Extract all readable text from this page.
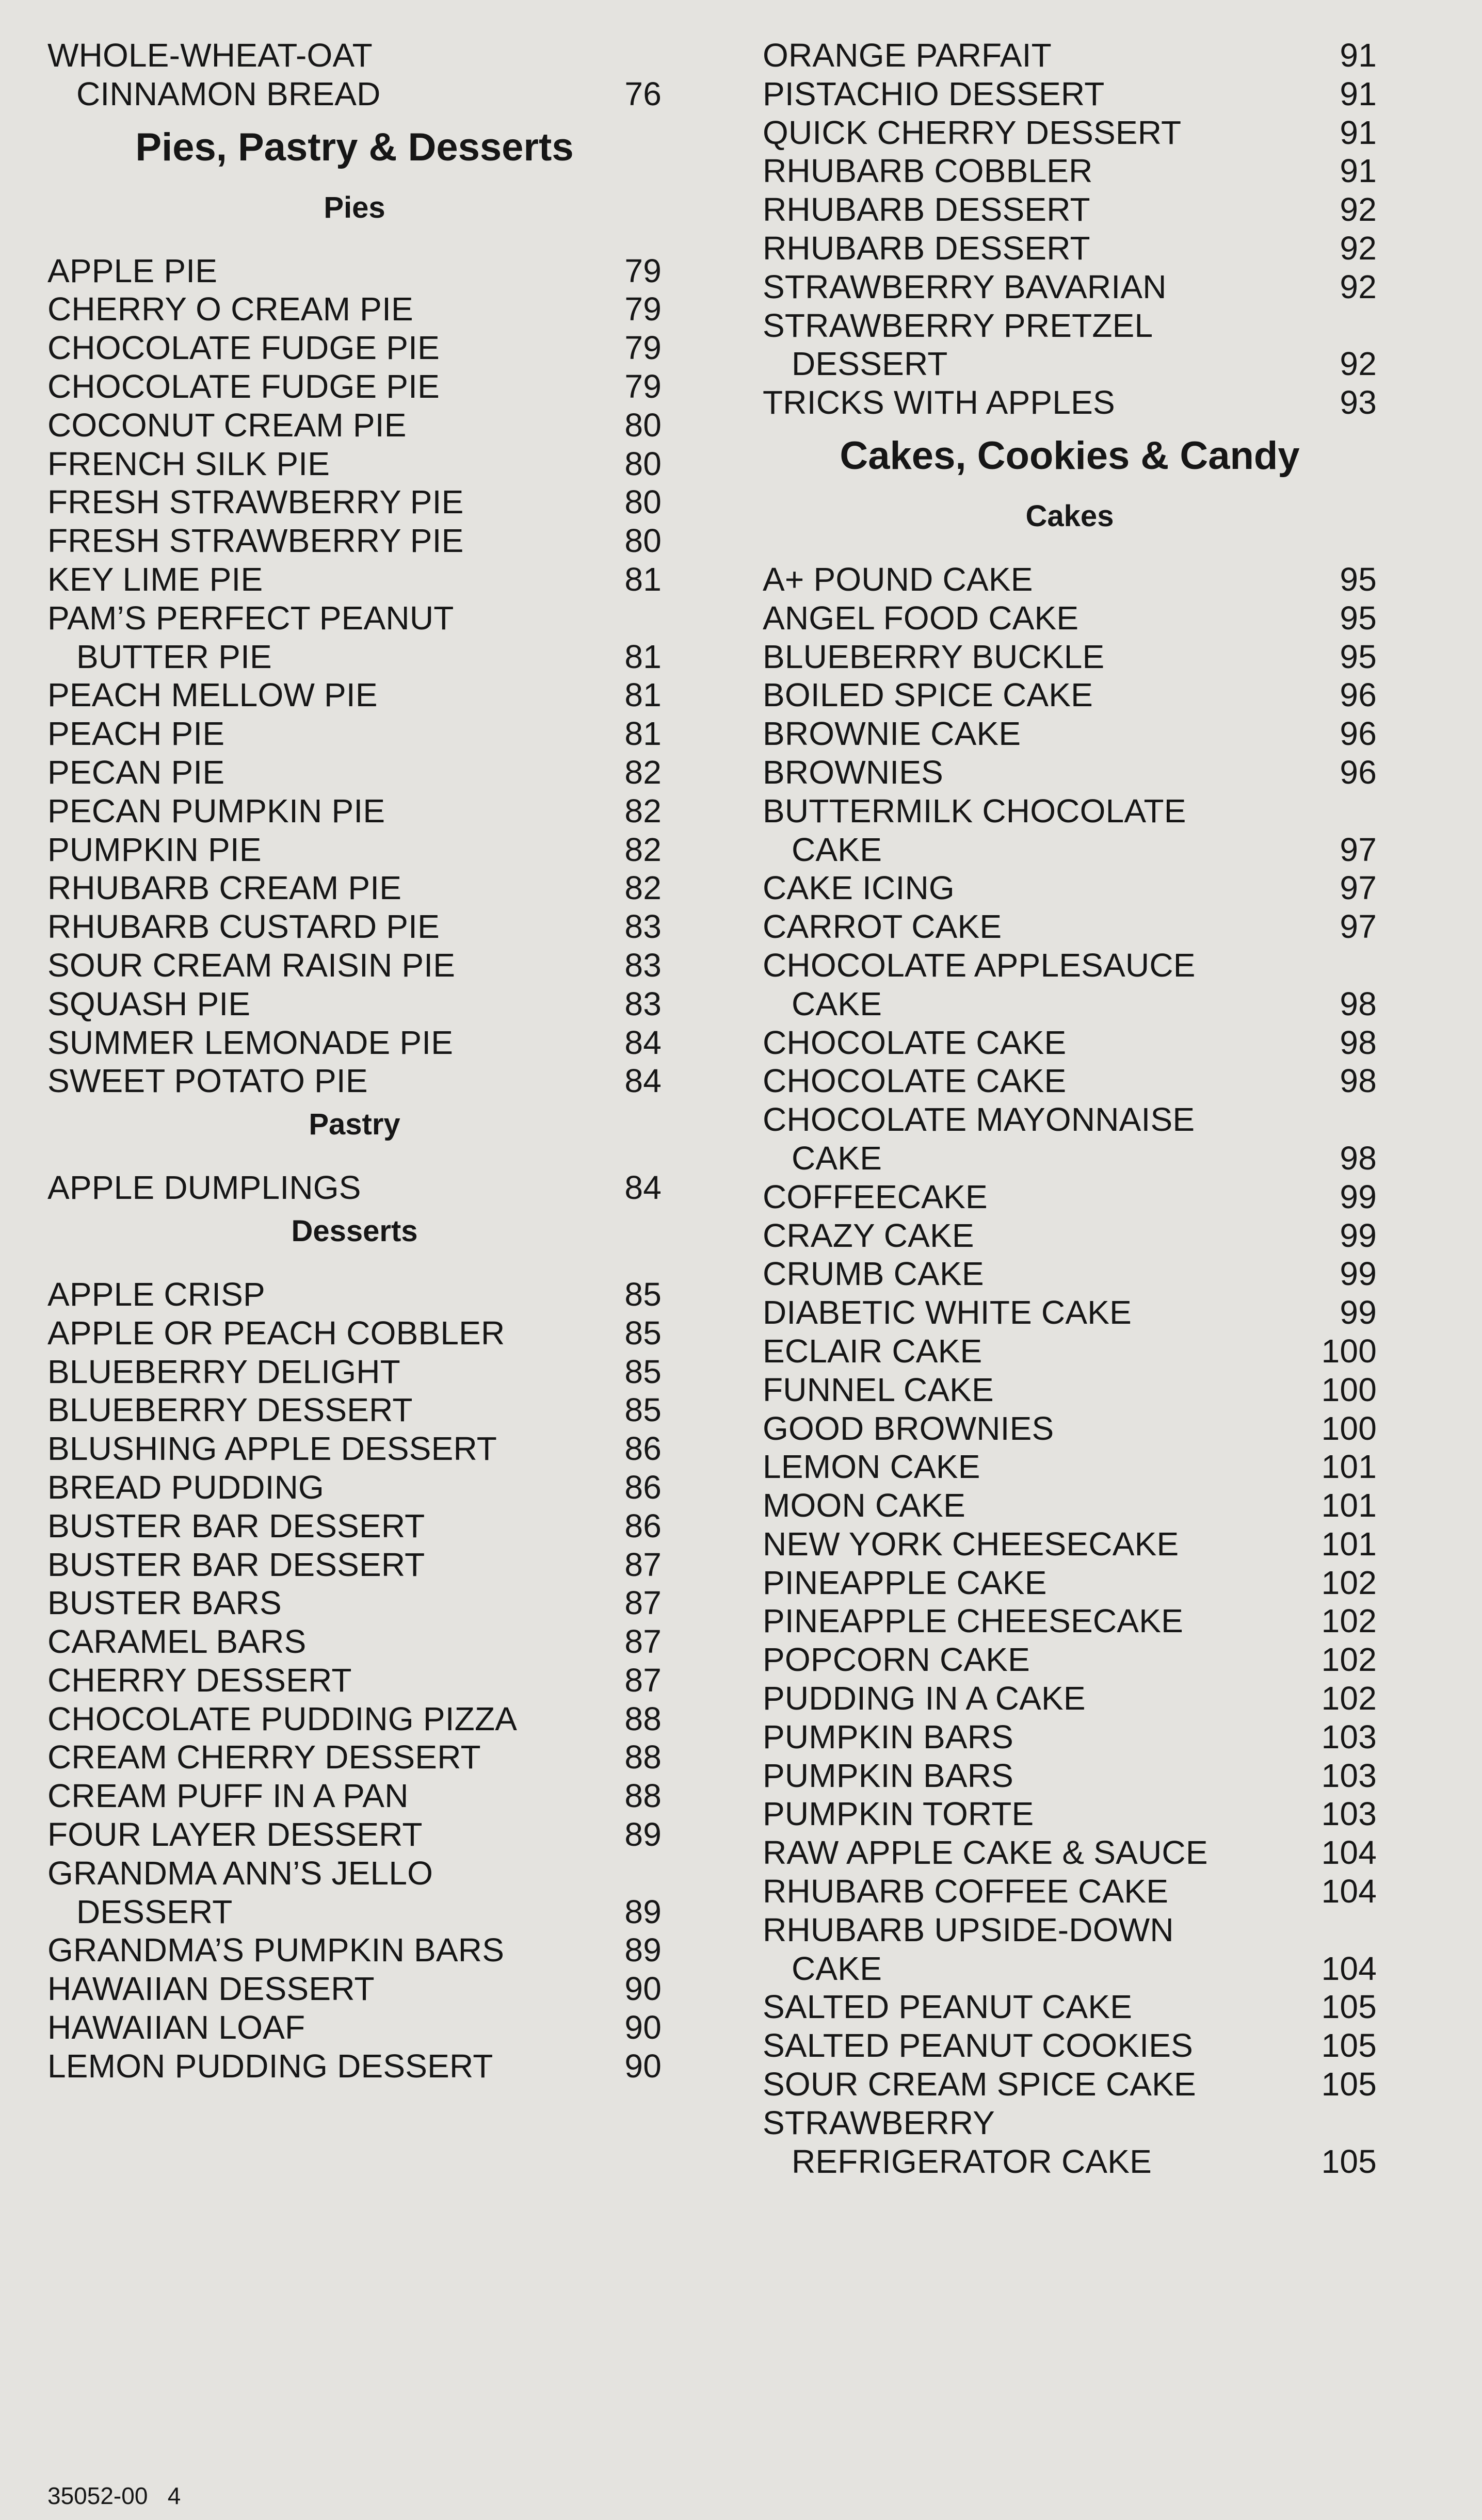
WHOLE-WHEAT-OAT
CINNAMON BREAD	76
Pies, Pastry & Desserts
Pies
APPLE PIE	79
CHERRY O CREAM PIE	79
CHOCOLATE FUDGE PIE	79
CHOCOLATE FUDGE PIE	79
COCONUT CREAM PIE	80
FRENCH SILK PIE	80
FRESH STRAWBERRY PIE	80
FRESH STRAWBERRY PIE	80
KEY LIME PIE	81
PAM’S PERFECT PEANUT
BUTTER PIE	81
PEACH MELLOW PIE	81
PEACH PIE	81
PECAN PIE	82
PECAN PUMPKIN PIE	82
PUMPKIN PIE	82
RHUBARB CREAM PIE	82
RHUBARB CUSTARD PIE	83
SOUR CREAM RAISIN PIE	83
SQUASH PIE	83
SUMMER LEMONADE PIE	84
SWEET POTATO PIE	84
Pastry
APPLE DUMPLINGS	84
Desserts
APPLE CRISP	85
APPLE OR PEACH COBBLER	85
BLUEBERRY DELIGHT	85
BLUEBERRY DESSERT	85
BLUSHING APPLE DESSERT	86
BREAD PUDDING	86
BUSTER BAR DESSERT	86
BUSTER BAR DESSERT	87
BUSTER BARS	87
CARAMEL BARS	87
CHERRY DESSERT	87
CHOCOLATE PUDDING PIZZA	88
CREAM CHERRY DESSERT	88
CREAM PUFF IN A PAN	88
FOUR LAYER DESSERT	89
GRANDMA ANN’S JELLO
DESSERT	89
GRANDMA’S PUMPKIN BARS	89
HAWAIIAN DESSERT	90
HAWAIIAN LOAF	90
LEMON PUDDING DESSERT	90
ORANGE PARFAIT	91
PISTACHIO DESSERT	91
QUICK CHERRY DESSERT	91
RHUBARB COBBLER	91
RHUBARB DESSERT	92
RHUBARB DESSERT	92
STRAWBERRY BAVARIAN	92
STRAWBERRY PRETZEL
DESSERT	92
TRICKS WITH APPLES	93
Cakes, Cookies & Candy
Cakes
A+ POUND CAKE	95
ANGEL FOOD CAKE	95
BLUEBERRY BUCKLE	95
BOILED SPICE CAKE	96
BROWNIE CAKE	96
BROWNIES	96
BUTTERMILK CHOCOLATE
CAKE	97
CAKE ICING	97
CARROT CAKE	97
CHOCOLATE APPLESAUCE
CAKE	98
CHOCOLATE CAKE	98
CHOCOLATE CAKE	98
CHOCOLATE MAYONNAISE
CAKE	98
COFFEECAKE	99
CRAZY CAKE	99
CRUMB CAKE	99
DIABETIC WHITE CAKE	99
ECLAIR CAKE	100
FUNNEL CAKE	100
GOOD BROWNIES	100
LEMON CAKE	101
MOON CAKE	101
NEW YORK CHEESECAKE	101
PINEAPPLE CAKE	102
PINEAPPLE CHEESECAKE	102
POPCORN CAKE	102
PUDDING IN A CAKE	102
PUMPKIN BARS	103
PUMPKIN BARS	103
PUMPKIN TORTE	103
RAW APPLE CAKE & SAUCE	104
RHUBARB COFFEE CAKE	104
RHUBARB UPSIDE-DOWN
CAKE	104
SALTED PEANUT CAKE	105
SALTED PEANUT COOKIES	105
SOUR CREAM SPICE CAKE	105
STRAWBERRY
REFRIGERATOR CAKE	105
35052-00 4
